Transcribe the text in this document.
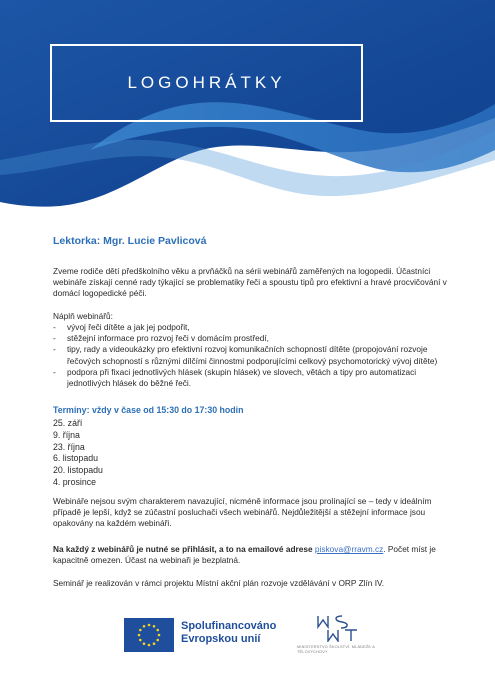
LOGOHRÁTKY
Lektorka: Mgr. Lucie Pavlicová
Zveme rodiče dětí předškolního věku a prvňáčků na sérii webinářů zaměřených na logopedii. Účastníci webináře získají cenné rady týkající se problematiky řeči a spoustu tipů pro efektivní a hravé procvičování v domácí logopedické péči.
Náplň webinářů:
- vývoj řeči dítěte a jak jej podpořit,
- stěžejní informace pro rozvoj řeči v domácím prostředí,
- tipy, rady a videoukázky pro efektivní rozvoj komunikačních schopností dítěte (propojování rozvoje řečových schopností s různými dílčími činnostmi podporujícími celkový psychomotorický vývoj dítěte)
- podpora při fixaci jednotlivých hlásek (skupin hlásek) ve slovech, větách a tipy pro automatizaci jednotlivých hlásek do běžné řeči.
Termíny: vždy v čase od 15:30 do 17:30 hodin
25. září
9. října
23. října
6. listopadu
20. listopadu
4. prosince
Webináře nejsou svým charakterem navazující, nicméně informace jsou prolínající se – tedy v ideálním případě je lepší, když se zúčastní posluchači všech webinářů. Nejdůležitější a stěžejní informace jsou opakovány na každém webináři.
Na každý z webinářů je nutné se přihlásit, a to na emailové adrese piskova@rravm.cz. Počet míst je kapacitně omezen. Účast na webinaři je bezplatná.
Seminář je realizován v rámci projektu Místní akční plán rozvoje vzdělávání v ORP Zlín IV.
Spolufinancováno
Evropskou unií
MINISTERSTVO ŠKOLSTVÍ, MLÁDEŽE A TĚLOVÝCHOVY
